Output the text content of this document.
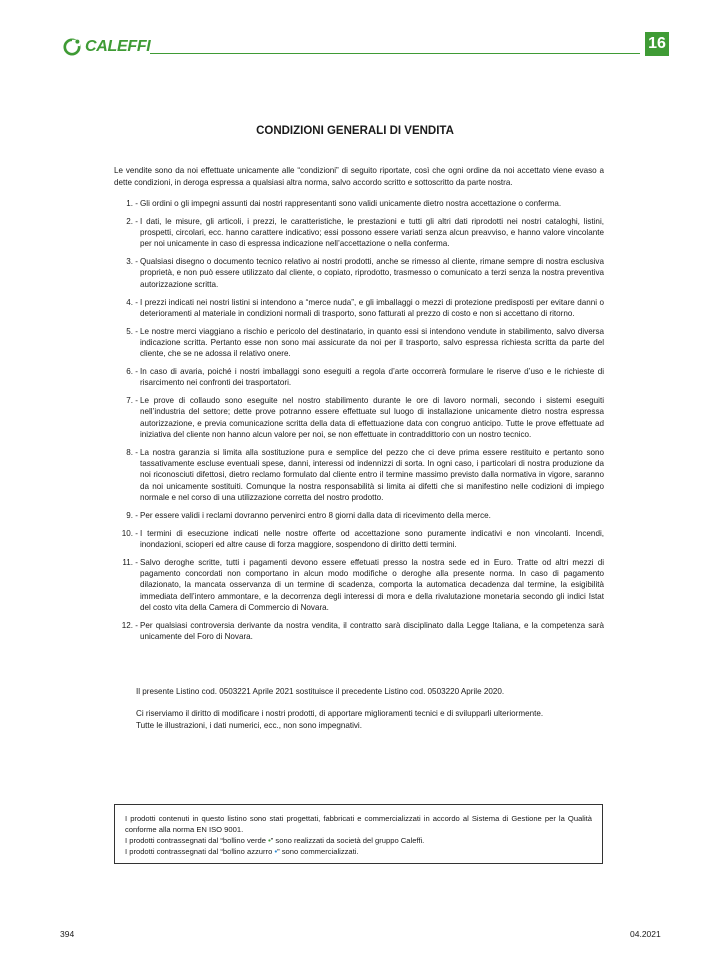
CALEFFI	16
CONDIZIONI GENERALI DI VENDITA
Le vendite sono da noi effettuate unicamente alle “condizioni” di seguito riportate, così che ogni ordine da noi accettato viene evaso a dette condizioni, in deroga espressa a qualsiasi altra norma, salvo accordo scritto e sottoscritto da parte nostra.
1. - Gli ordini o gli impegni assunti dai nostri rappresentanti sono validi unicamente dietro nostra accettazione o conferma.
2. - I dati, le misure, gli articoli, i prezzi, le caratteristiche, le prestazioni e tutti gli altri dati riprodotti nei nostri cataloghi, listini, prospetti, circolari, ecc. hanno carattere indicativo; essi possono essere variati senza alcun preavviso, e hanno valore vincolante per noi unicamente in caso di espressa indicazione nell’accettazione o nella conferma.
3. - Qualsiasi disegno o documento tecnico relativo ai nostri prodotti, anche se rimesso al cliente, rimane sempre di nostra esclusiva proprietà, e non può essere utilizzato dal cliente, o copiato, riprodotto, trasmesso o comunicato a terzi senza la nostra preventiva autorizzazione scritta.
4. - I prezzi indicati nei nostri listini si intendono a “merce nuda”, e gli imballaggi o mezzi di protezione predisposti per evitare danni o deterioramenti al materiale in condizioni normali di trasporto, sono fatturati al prezzo di costo e non si accettano di ritorno.
5. - Le nostre merci viaggiano a rischio e pericolo del destinatario, in quanto essi si intendono vendute in stabilimento, salvo diversa indicazione scritta. Pertanto esse non sono mai assicurate da noi per il trasporto, salvo espressa richiesta scritta da parte del cliente, che se ne adossa il relativo onere.
6. - In caso di avaria, poiché i nostri imballaggi sono eseguiti a regola d’arte occorrerà formulare le riserve d’uso e le richieste di risarcimento nei confronti dei trasportatori.
7. - Le prove di collaudo sono eseguite nel nostro stabilimento durante le ore di lavoro normali, secondo i sistemi eseguiti nell’industria del settore; dette prove potranno essere effettuate sul luogo di installazione unicamente dietro nostra espressa autorizzazione, e previa comunicazione scritta della data di effettuazione data con congruo anticipo. Tutte le prove effettuate ad iniziativa del cliente non hanno alcun valore per noi, se non effettuate in contraddittorio con un nostro tecnico.
8. - La nostra garanzia si limita alla sostituzione pura e semplice del pezzo che ci deve prima essere restituito e pertanto sono tassativamente escluse eventuali spese, danni, interessi od indennizzi di sorta. In ogni caso, i particolari di nostra produzione da noi riconosciuti difettosi, dietro reclamo formulato dal cliente entro il termine massimo previsto dalla normativa in vigore, saranno da noi unicamente sostituiti. Comunque la nostra responsabilità si limita ai difetti che si manifestino nelle codizioni di impiego normale e nel corso di una utilizzazione corretta del nostro prodotto.
9. - Per essere validi i reclami dovranno pervenirci entro 8 giorni dalla data di ricevimento della merce.
10. - I termini di esecuzione indicati nelle nostre offerte od accettazione sono puramente indicativi e non vincolanti. Incendi, inondazioni, scioperi ed altre cause di forza maggiore, sospendono di diritto detti termini.
11. - Salvo deroghe scritte, tutti i pagamenti devono essere effetuati presso la nostra sede ed in Euro. Tratte od altri mezzi di pagamento concordati non comportano in alcun modo modifiche o deroghe alla presente norma. In caso di pagamento dilazionato, la mancata osservanza di un termine di scadenza, comporta la automatica decadenza dal termine, la esigibilità immediata dell’intero ammontare, e la decorrenza degli interessi di mora e della rivalutazione monetaria secondo gli indici Istat del costo vita della Camera di Commercio di Novara.
12. - Per qualsiasi controversia derivante da nostra vendita, il contratto sarà disciplinato dalla Legge Italiana, e la competenza sarà unicamente del Foro di Novara.
Il presente Listino cod. 0503221 Aprile 2021 sostituisce il precedente Listino cod. 0503220 Aprile 2020.
Ci riserviamo il diritto di modificare i nostri prodotti, di apportare miglioramenti tecnici e di svilupparli ulteriormente.
Tutte le illustrazioni, i dati numerici, ecc., non sono impegnativi.

I prodotti contenuti in questo listino sono stati progettati, fabbricati e commercializzati in accordo al Sistema di Gestione per la Qualità conforme alla norma EN ISO 9001.

I prodotti contrassegnati dal “bollino verde •” sono realizzati da società del gruppo Caleffi.

I prodotti contrassegnati dal “bollino azzurro •” sono commercializzati.

394	04.2021
